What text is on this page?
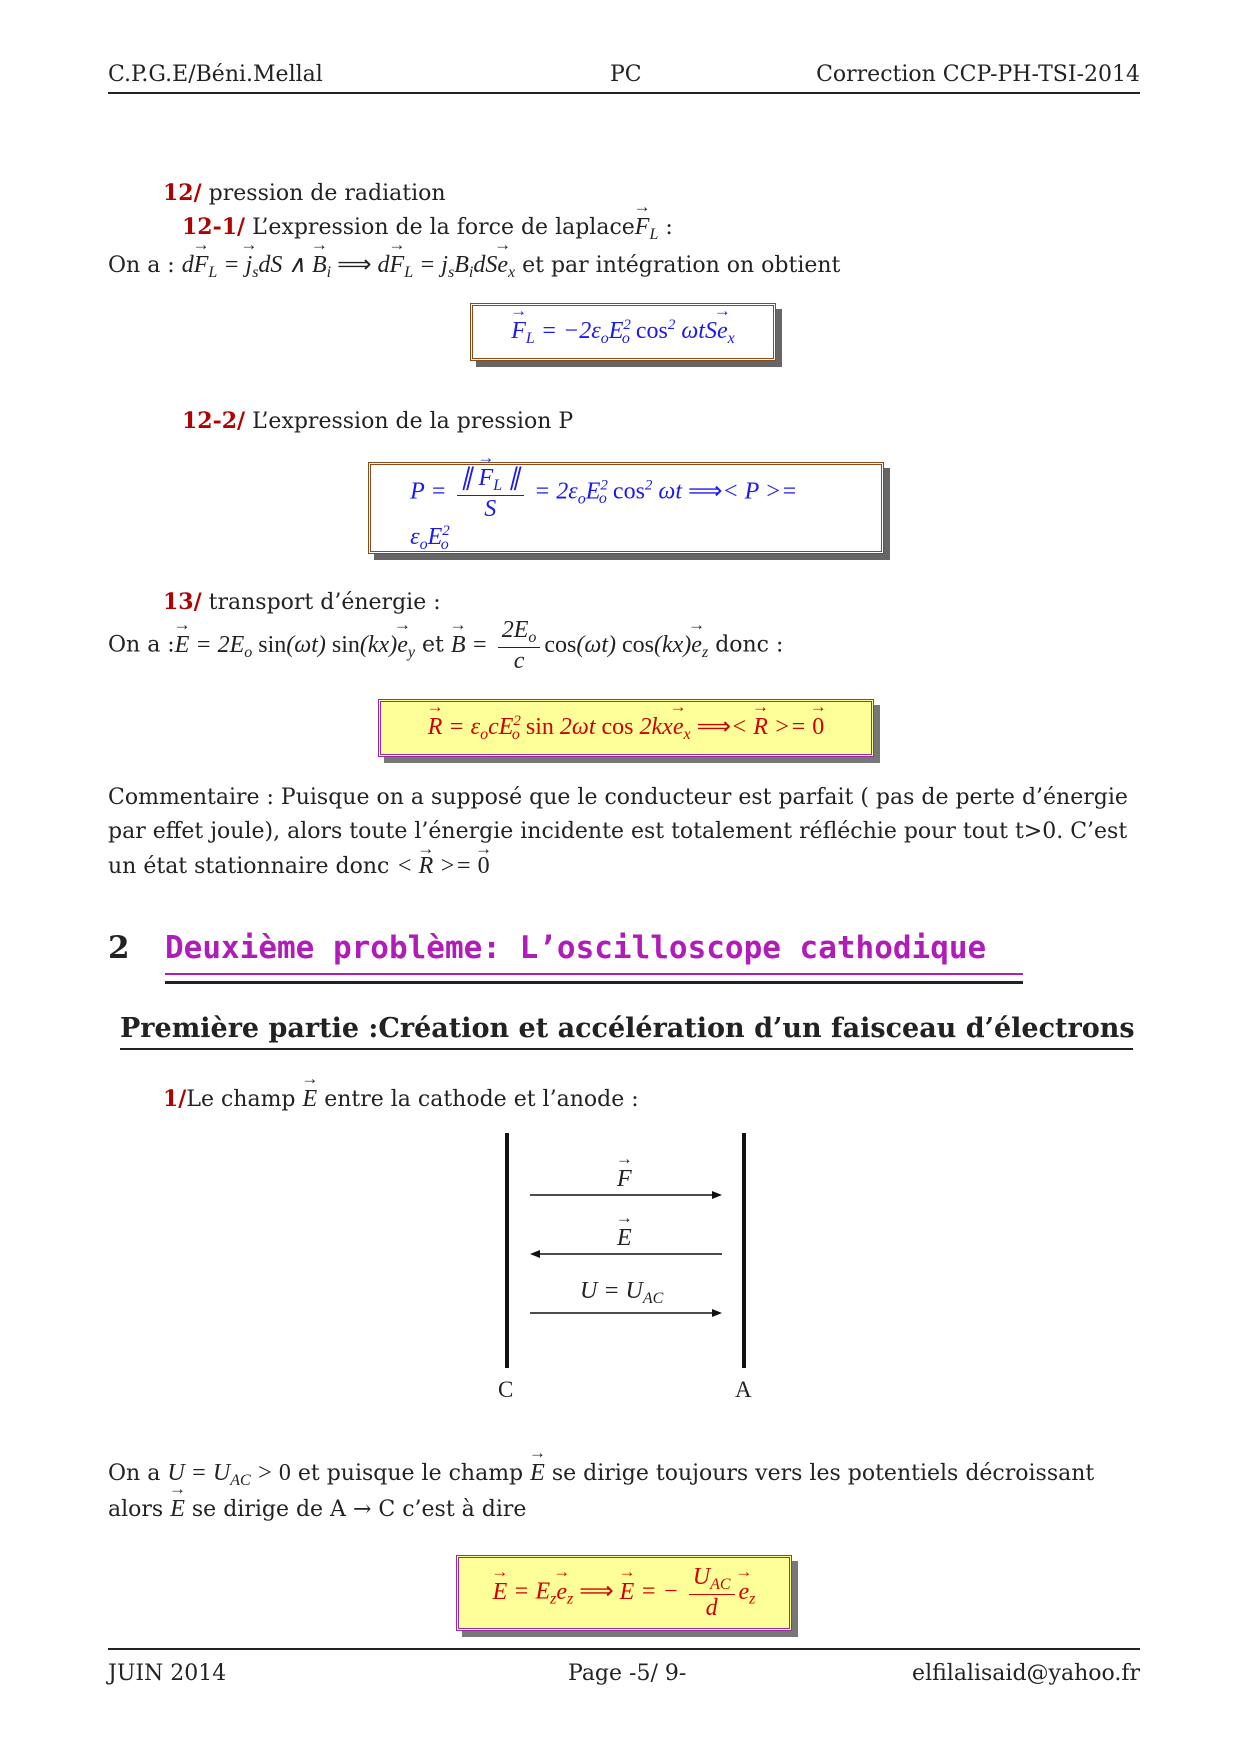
C.P.G.E/Béni.Mellal	PC	Correction CCP-PH-TSI-2014
12/ pression de radiation
12-1/ L’expression de la force de laplace→ $F_L$ :
On a : $d\to F_L$ = → $j_sdS$ ∧ → $B_i$ ⟹ $d\to F_L = j_sB_idS\to e_x$ et par intégration on obtient
→ $F_L = -2\varepsilon_oE^2_o$ $\cos^2 \omega tS\to e_x$
12-2/ L’expression de la pression P
$P = \frac{\parallel \to F_L \parallel}{S} = 2\varepsilon_oE^2_o$ $\cos^2 \omega t$ ⟹< $P >= \varepsilon_oE^2_o$
13/ transport d’énergie :
On a :→ $E = 2E_o$ sin(ωt) $\sin(kx)\to e_y$ et → $B = \frac{2E_o}{c} \cos(\omega t)$ $\cos(kx)\to e_z$ donc :
→ $R = \varepsilon_ocE^2_o$ sin 2ωt $\cos 2kx\to e_x$ ⟹< → R >= → 0
Commentaire : Puisque on a supposé que le conducteur est parfait ( pas de perte d’énergie par effet joule), alors toute l’énergie incidente est totalement réfléchie pour tout t>0. C’est un état stationnaire donc < → R >= → 0
2 Deuxième problème: L’oscilloscope cathodique
Première partie :Création et accélération d’un faisceau d’électrons
1/Le champ → E entre la cathode et l’anode :
→ F
→ E
$U = U_{AC}$
C	A
On a $U = U_{AC} > 0$ et puisque le champ → E se dirige toujours vers les potentiels décroissant
alors → E se dirige de A → C c’est à dire
→ $E = E_z\to e_z$ ⟹ → E = − $\frac{U_{AC}}{d} \to e_z$
JUIN 2014	Page -5/ 9-	elfilalisaid@yahoo.fr
